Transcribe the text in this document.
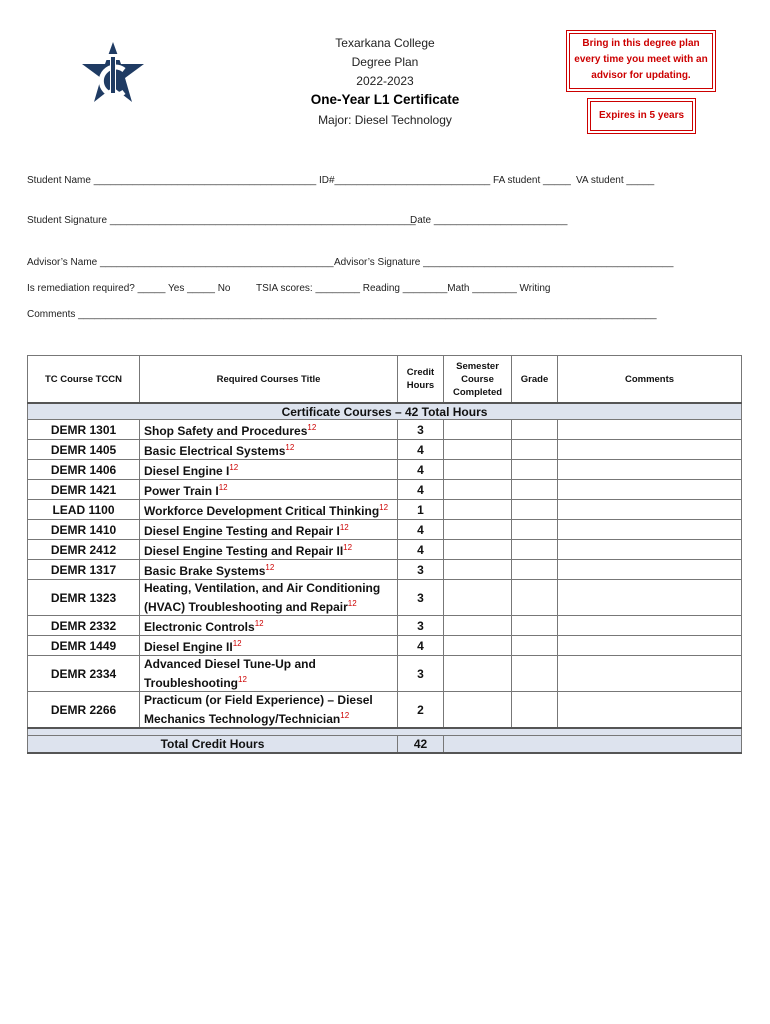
Texarkana College
Degree Plan
2022-2023
One-Year L1 Certificate
Major: Diesel Technology
Bring in this degree plan every time you meet with an advisor for updating.
Expires in 5 years
Student Name ________________________________________ ID#____________________________ FA student _____ VA student _____
Student Signature _______________________________________________________
Date ________________________
Advisor’s Name __________________________________________ Advisor’s Signature _____________________________________________
Is remediation required? _____ Yes _____ No	TSIA scores: ________ Reading ________Math ________ Writing
Comments ________________________________________________________________________________________________________
TC Course TCCN	Required Courses Title	Credit Hours	Semester Course Completed	Grade	Comments
Certificate Courses – 42 Total Hours					
DEMR 1301	Shop Safety and Procedures$^{12}$	3			
DEMR 1405	Basic Electrical Systems$^{12}$	4			
DEMR 1406	Diesel Engine $I^{12}$	4			
DEMR 1421	Power Train $I^{12}$	4			
LEAD 1100	Workforce Development Critical Thinking$^{12}$	1			
DEMR 1410	Diesel Engine Testing and Repair $I^{12}$	4			
DEMR 2412	Diesel Engine Testing and Repair II$^{12}$	4			
DEMR 1317	Basic Brake Systems$^{12}$	3			
DEMR 1323	Heating, Ventilation, and Air Conditioning (HVAC) Troubleshooting and Repair$^{12}$	3			
DEMR 2332	Electronic Controls$^{12}$	3			
DEMR 1449	Diesel Engine II$^{12}$	4			
DEMR 2334	Advanced Diesel Tune-Up and Troubleshooting$^{12}$	3			
DEMR 2266	Practicum (or Field Experience) – Diesel Mechanics Technology/Technician$^{12}$	2			

Total Credit Hours		42			
